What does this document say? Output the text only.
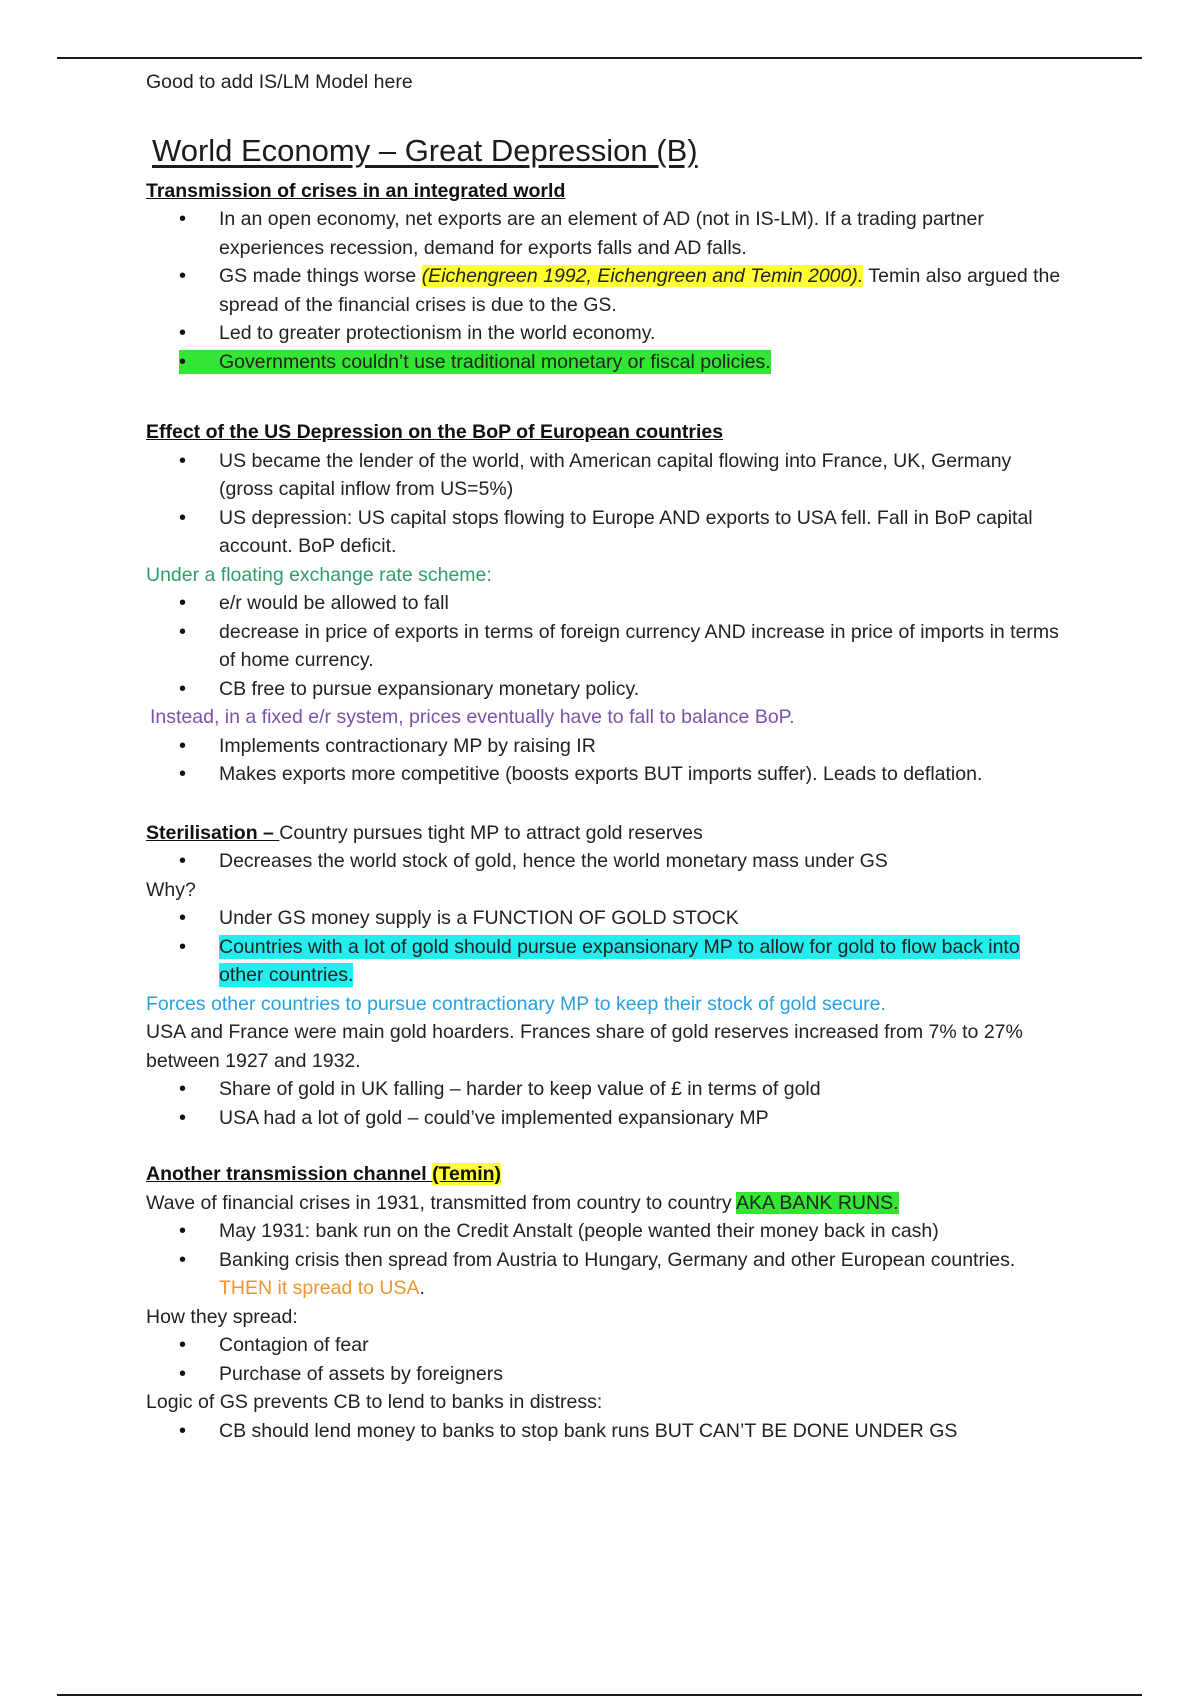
Good to add IS/LM Model here

World Economy – Great Depression (B)

Transmission of crises in an integrated world

• In an open economy, net exports are an element of AD (not in IS-LM). If a trading partner experiences recession, demand for exports falls and AD falls.
• GS made things worse (Eichengreen 1992, Eichengreen and Temin 2000). Temin also argued the spread of the financial crises is due to the GS.
• Led to greater protectionism in the world economy.
• Governments couldn’t use traditional monetary or fiscal policies.

Effect of the US Depression on the BoP of European countries

• US became the lender of the world, with American capital flowing into France, UK, Germany (gross capital inflow from US=5%)
• US depression: US capital stops flowing to Europe AND exports to USA fell. Fall in BoP capital account. BoP deficit.

Under a floating exchange rate scheme:

• e/r would be allowed to fall
• decrease in price of exports in terms of foreign currency AND increase in price of imports in terms of home currency.
• CB free to pursue expansionary monetary policy.

Instead, in a fixed e/r system, prices eventually have to fall to balance BoP.

• Implements contractionary MP by raising IR
• Makes exports more competitive (boosts exports BUT imports suffer). Leads to deflation.

Sterilisation – Country pursues tight MP to attract gold reserves

• Decreases the world stock of gold, hence the world monetary mass under GS

Why?

• Under GS money supply is a FUNCTION OF GOLD STOCK
• Countries with a lot of gold should pursue expansionary MP to allow for gold to flow back into other countries.

Forces other countries to pursue contractionary MP to keep their stock of gold secure.

USA and France were main gold hoarders. Frances share of gold reserves increased from 7% to 27% between 1927 and 1932.

• Share of gold in UK falling – harder to keep value of £ in terms of gold
• USA had a lot of gold – could’ve implemented expansionary MP

Another transmission channel (Temin)

Wave of financial crises in 1931, transmitted from country to country AKA BANK RUNS.

• May 1931: bank run on the Credit Anstalt (people wanted their money back in cash)
• Banking crisis then spread from Austria to Hungary, Germany and other European countries.
THEN it spread to USA.

How they spread:

• Contagion of fear
• Purchase of assets by foreigners

Logic of GS prevents CB to lend to banks in distress:

• CB should lend money to banks to stop bank runs BUT CAN’T BE DONE UNDER GS
